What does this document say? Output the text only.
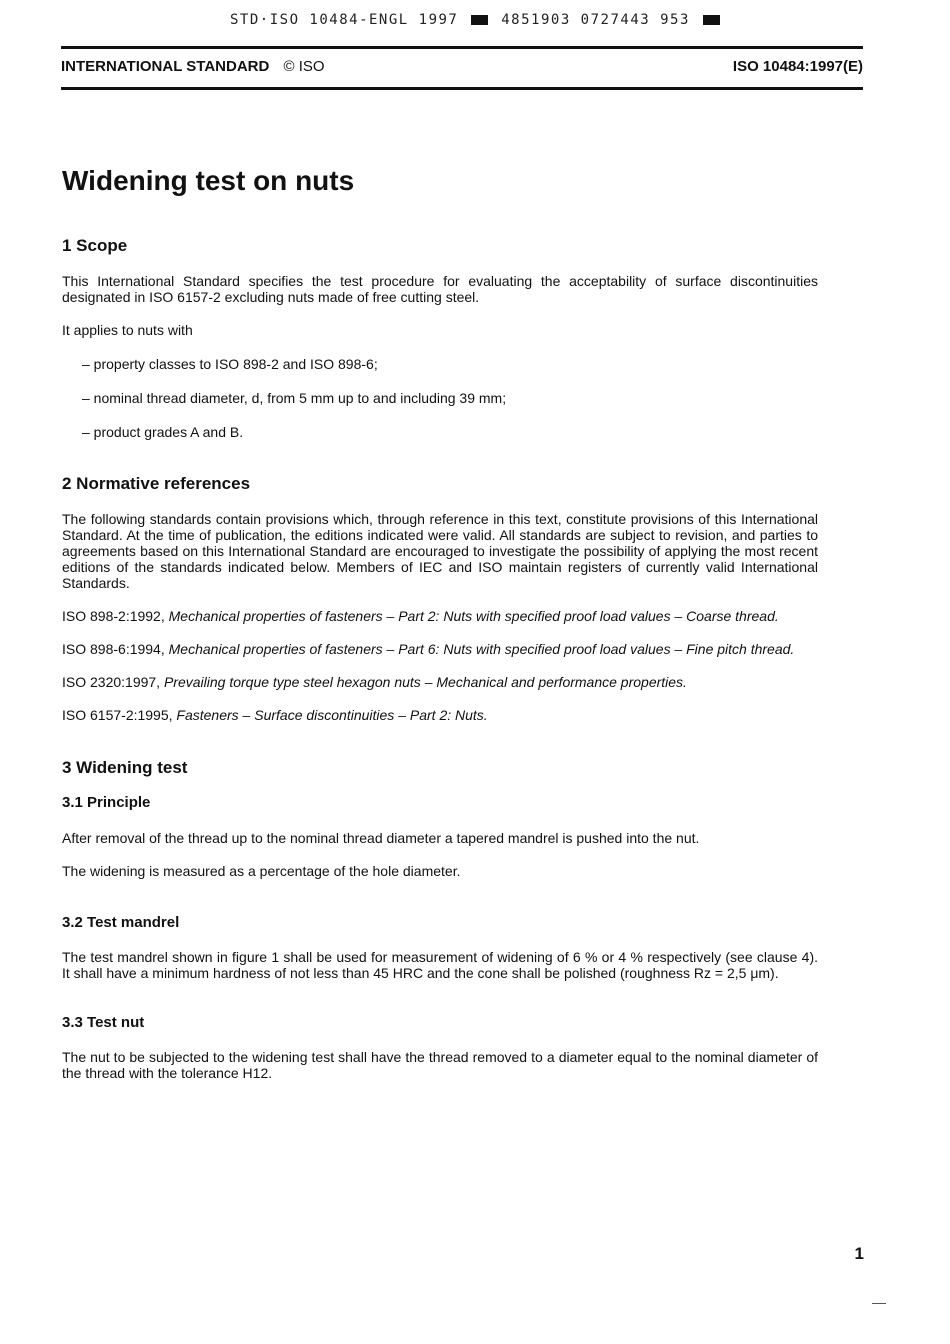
STD·ISO 10484-ENGL 1997	4851903 0727443 953
INTERNATIONAL STANDARD © ISO	ISO 10484:1997(E)
Widening test on nuts
1 Scope

This International Standard specifies the test procedure for evaluating the acceptability of surface discontinuities designated in ISO 6157-2 excluding nuts made of free cutting steel.

It applies to nuts with

– property classes to ISO 898-2 and ISO 898-6;

– nominal thread diameter, d, from 5 mm up to and including 39 mm;

– product grades A and B.

2 Normative references

The following standards contain provisions which, through reference in this text, constitute provisions of this International Standard. At the time of publication, the editions indicated were valid. All standards are subject to revision, and parties to agreements based on this International Standard are encouraged to investigate the possibility of applying the most recent editions of the standards indicated below. Members of IEC and ISO maintain registers of currently valid International Standards.

ISO 898-2:1992, Mechanical properties of fasteners – Part 2: Nuts with specified proof load values – Coarse thread.

ISO 898-6:1994, Mechanical properties of fasteners – Part 6: Nuts with specified proof load values – Fine pitch thread.

ISO 2320:1997, Prevailing torque type steel hexagon nuts – Mechanical and performance properties.

ISO 6157-2:1995, Fasteners – Surface discontinuities – Part 2: Nuts.

3 Widening test
3.1 Principle

After removal of the thread up to the nominal thread diameter a tapered mandrel is pushed into the nut.

The widening is measured as a percentage of the hole diameter.

3.2 Test mandrel

The test mandrel shown in figure 1 shall be used for measurement of widening of 6 % or 4 % respectively (see clause 4). It shall have a minimum hardness of not less than 45 HRC and the cone shall be polished (roughness Rz = 2,5 μm).

3.3 Test nut

The nut to be subjected to the widening test shall have the thread removed to a diameter equal to the nominal diameter of the thread with the tolerance H12.

1
